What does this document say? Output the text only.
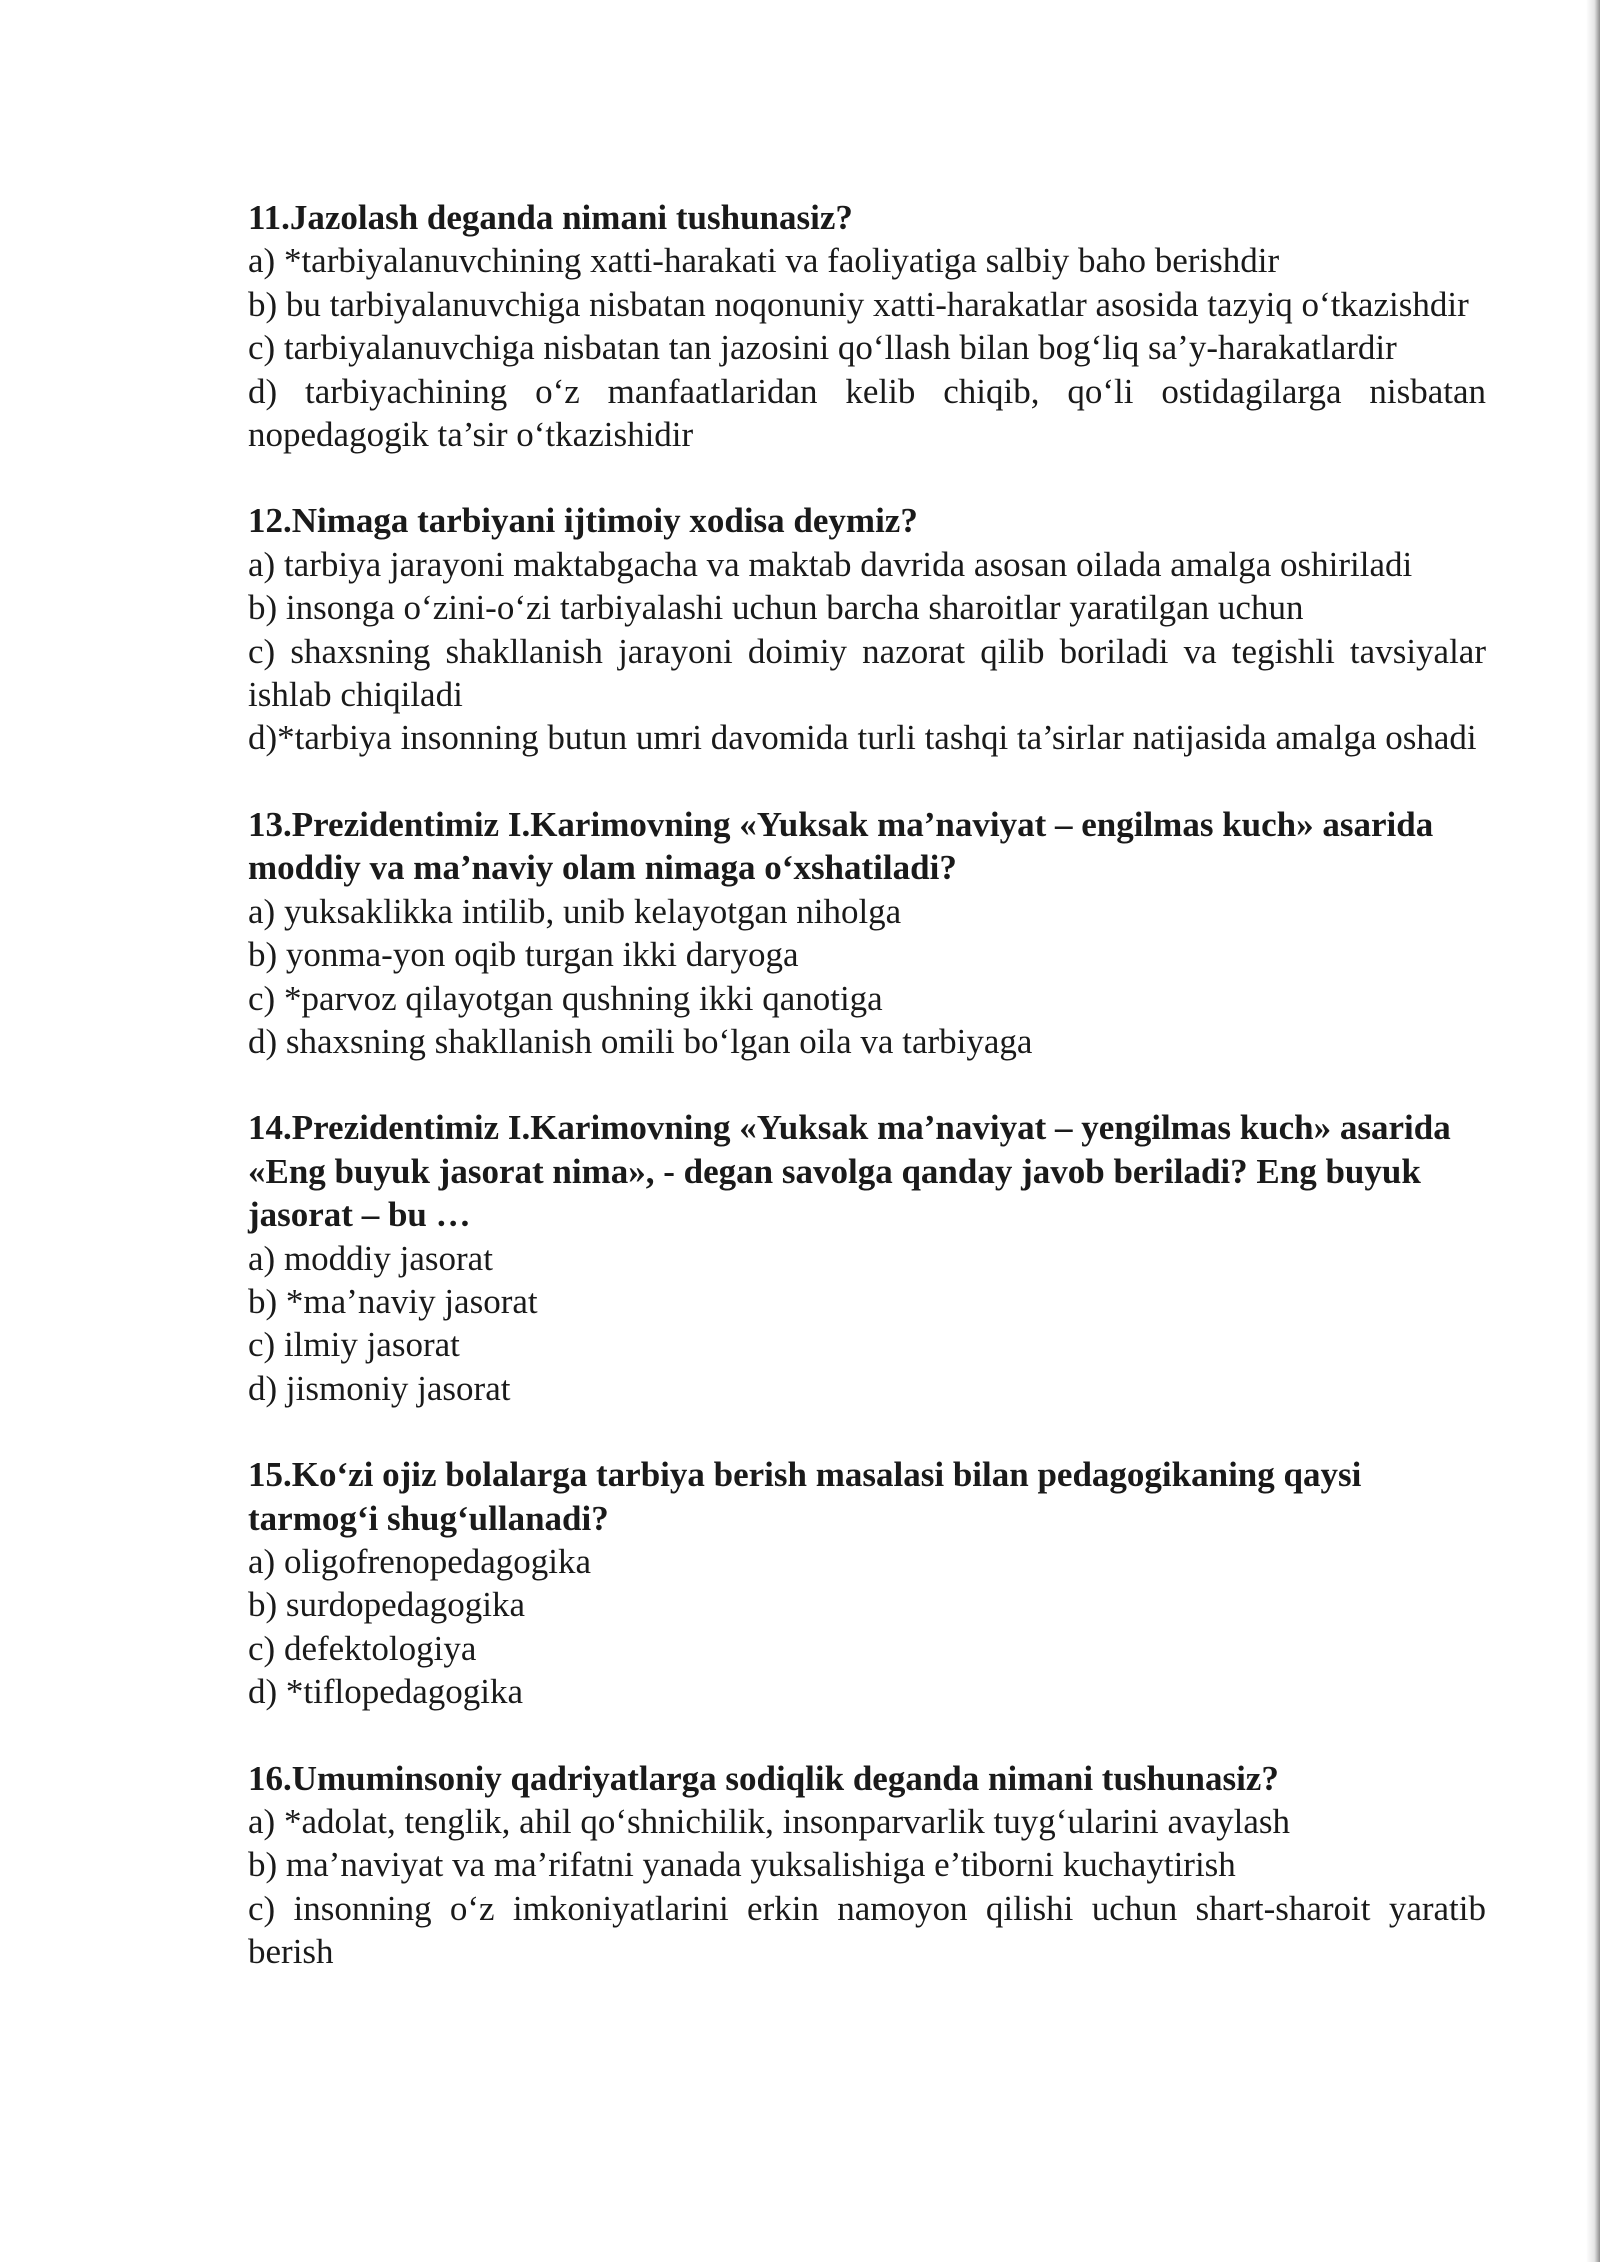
11.Jazolash deganda nimani tushunasiz?

a) *tarbiyalanuvchining xatti-harakati va faoliyatiga salbiy baho berishdir

b) bu tarbiyalanuvchiga nisbatan noqonuniy xatti-harakatlar asosida tazyiq o‘tkazishdir

c) tarbiyalanuvchiga nisbatan tan jazosini qo‘llash bilan bog‘liq sa’y-harakatlardir

d) tarbiyachining o‘z manfaatlaridan kelib chiqib, qo‘li ostidagilarga nisbatan nopedagogik ta’sir o‘tkazishidir

12.Nimaga tarbiyani ijtimoiy xodisa deymiz?

a) tarbiya jarayoni maktabgacha va maktab davrida asosan oilada amalga oshiriladi

b) insonga o‘zini-o‘zi tarbiyalashi uchun barcha sharoitlar yaratilgan uchun

c) shaxsning shakllanish jarayoni doimiy nazorat qilib boriladi va tegishli tavsiyalar ishlab chiqiladi

d)*tarbiya insonning butun umri davomida turli tashqi ta’sirlar natijasida amalga oshadi

13.Prezidentimiz I.Karimovning «Yuksak ma’naviyat – engilmas kuch» asarida moddiy va ma’naviy olam nimaga o‘xshatiladi?

a) yuksaklikka intilib, unib kelayotgan niholga

b) yonma-yon oqib turgan ikki daryoga

c) *parvoz qilayotgan qushning ikki qanotiga

d) shaxsning shakllanish omili bo‘lgan oila va tarbiyaga

14.Prezidentimiz I.Karimovning «Yuksak ma’naviyat – yengilmas kuch» asarida «Eng buyuk jasorat nima», - degan savolga qanday javob beriladi? Eng buyuk jasorat – bu …

a) moddiy jasorat

b) *ma’naviy jasorat

c) ilmiy jasorat

d) jismoniy jasorat

15.Ko‘zi ojiz bolalarga tarbiya berish masalasi bilan pedagogikaning qaysi tarmog‘i shug‘ullanadi?

a) oligofrenopedagogika

b) surdopedagogika

c) defektologiya

d) *tiflopedagogika

16.Umuminsoniy qadriyatlarga sodiqlik deganda nimani tushunasiz?

a) *adolat, tenglik, ahil qo‘shnichilik, insonparvarlik tuyg‘ularini avaylash

b) ma’naviyat va ma’rifatni yanada yuksalishiga e’tiborni kuchaytirish

c) insonning o‘z imkoniyatlarini erkin namoyon qilishi uchun shart-sharoit yaratib berish
